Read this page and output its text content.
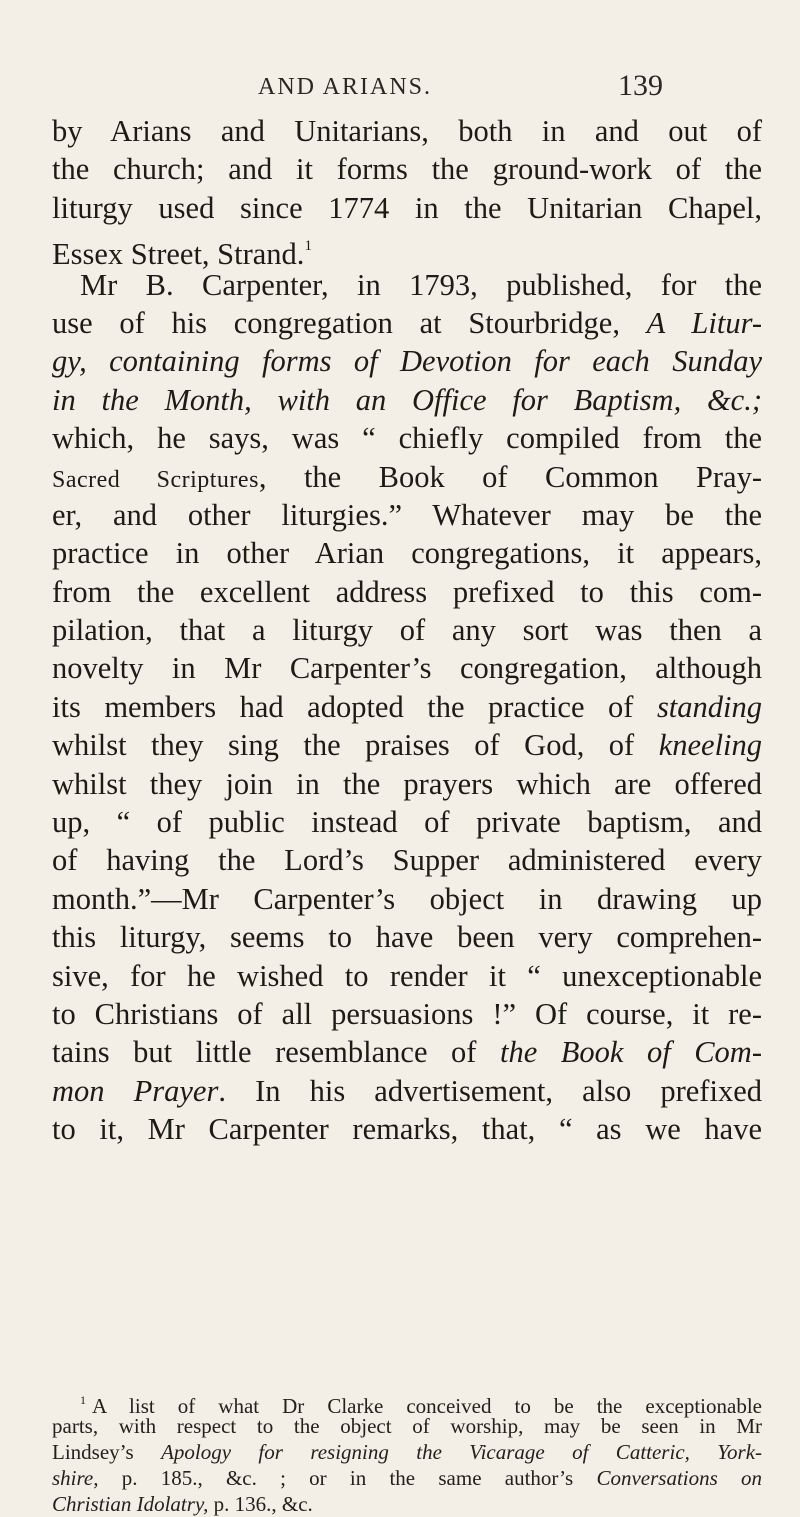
AND ARIANS.	139
by Arians and Unitarians, both in and out of
the church; and it forms the ground-work of the
liturgy used since 1774 in the Unitarian Chapel,
Essex Street, Strand.$^1$
Mr B. Carpenter, in 1793, published, for the
use of his congregation at Stourbridge, A Litur-
gy, containing forms of Devotion for each Sunday
in the Month, with an Office for Baptism, &c.;
which, he says, was “ chiefly compiled from the
Sacred Scriptures, the Book of Common Pray-
er, and other liturgies.” Whatever may be the
practice in other Arian congregations, it appears,
from the excellent address prefixed to this com-
pilation, that a liturgy of any sort was then a
novelty in Mr Carpenter’s congregation, although
its members had adopted the practice of standing
whilst they sing the praises of God, of kneeling
whilst they join in the prayers which are offered
up, “ of public instead of private baptism, and
of having the Lord’s Supper administered every
month.”—Mr Carpenter’s object in drawing up
this liturgy, seems to have been very comprehen-
sive, for he wished to render it “ unexceptionable
to Christians of all persuasions !” Of course, it re-
tains but little resemblance of the Book of Com-
mon Prayer. In his advertisement, also prefixed
to it, Mr Carpenter remarks, that, “ as we have
$^1$ A list of what Dr Clarke conceived to be the exceptionable
parts, with respect to the object of worship, may be seen in Mr
Lindsey’s Apology for resigning the Vicarage of Catteric, York-
shire, p. 185., &c. ; or in the same author’s Conversations on
Christian Idolatry, p. 136., &c.
